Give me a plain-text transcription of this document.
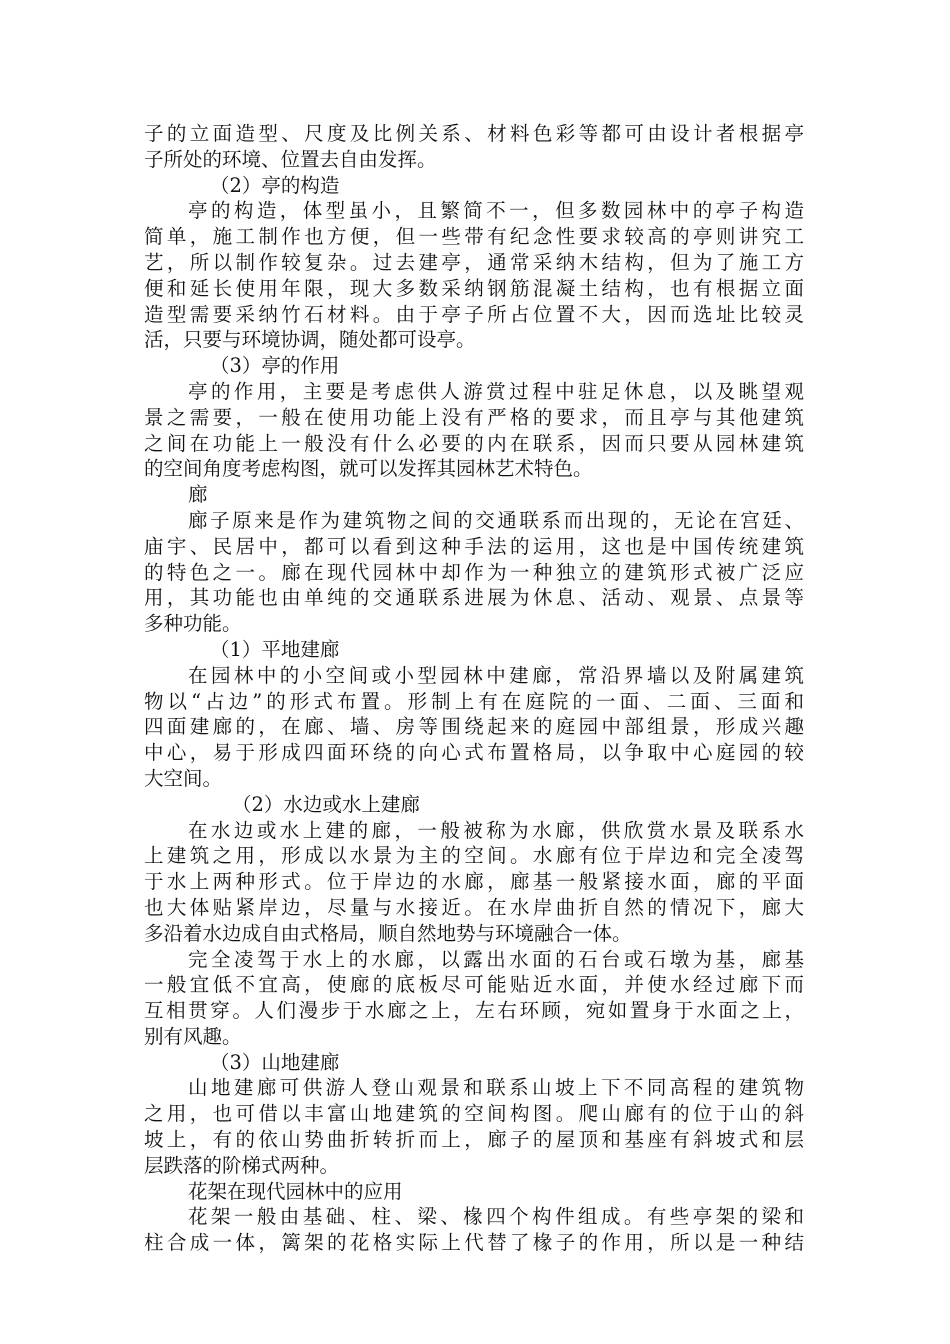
子的立面造型、尺度及比例关系、材料色彩等都可由设计者根据亭
子所处的环境、位置去自由发挥。
（2）亭的构造
亭的构造，体型虽小，且繁简不一，但多数园林中的亭子构造
简单，施工制作也方便，但一些带有纪念性要求较高的亭则讲究工
艺，所以制作较复杂。过去建亭，通常采纳木结构，但为了施工方
便和延长使用年限，现大多数采纳钢筋混凝土结构，也有根据立面
造型需要采纳竹石材料。由于亭子所占位置不大，因而选址比较灵
活，只要与环境协调，随处都可设亭。
（3）亭的作用
亭的作用，主要是考虑供人游赏过程中驻足休息，以及眺望观
景之需要，一般在使用功能上没有严格的要求，而且亭与其他建筑
之间在功能上一般没有什么必要的内在联系，因而只要从园林建筑
的空间角度考虑构图，就可以发挥其园林艺术特色。
廊
廊子原来是作为建筑物之间的交通联系而出现的，无论在宫廷、
庙宇、民居中，都可以看到这种手法的运用，这也是中国传统建筑
的特色之一。廊在现代园林中却作为一种独立的建筑形式被广泛应
用，其功能也由单纯的交通联系进展为休息、活动、观景、点景等
多种功能。
（1）平地建廊
在园林中的小空间或小型园林中建廊，常沿界墙以及附属建筑
物以“占边”的形式布置。形制上有在庭院的一面、二面、三面和
四面建廊的，在廊、墙、房等围绕起来的庭园中部组景，形成兴趣
中心，易于形成四面环绕的向心式布置格局，以争取中心庭园的较
大空间。
（2）水边或水上建廊
在水边或水上建的廊，一般被称为水廊，供欣赏水景及联系水
上建筑之用，形成以水景为主的空间。水廊有位于岸边和完全凌驾
于水上两种形式。位于岸边的水廊，廊基一般紧接水面，廊的平面
也大体贴紧岸边，尽量与水接近。在水岸曲折自然的情况下，廊大
多沿着水边成自由式格局，顺自然地势与环境融合一体。
完全凌驾于水上的水廊，以露出水面的石台或石墩为基，廊基
一般宜低不宜高，使廊的底板尽可能贴近水面，并使水经过廊下而
互相贯穿。人们漫步于水廊之上，左右环顾，宛如置身于水面之上，
别有风趣。
（3）山地建廊
山地建廊可供游人登山观景和联系山坡上下不同高程的建筑物
之用，也可借以丰富山地建筑的空间构图。爬山廊有的位于山的斜
坡上，有的依山势曲折转折而上，廊子的屋顶和基座有斜坡式和层
层跌落的阶梯式两种。
花架在现代园林中的应用
花架一般由基础、柱、梁、椽四个构件组成。有些亭架的梁和
柱合成一体，篱架的花格实际上代替了椽子的作用，所以是一种结
